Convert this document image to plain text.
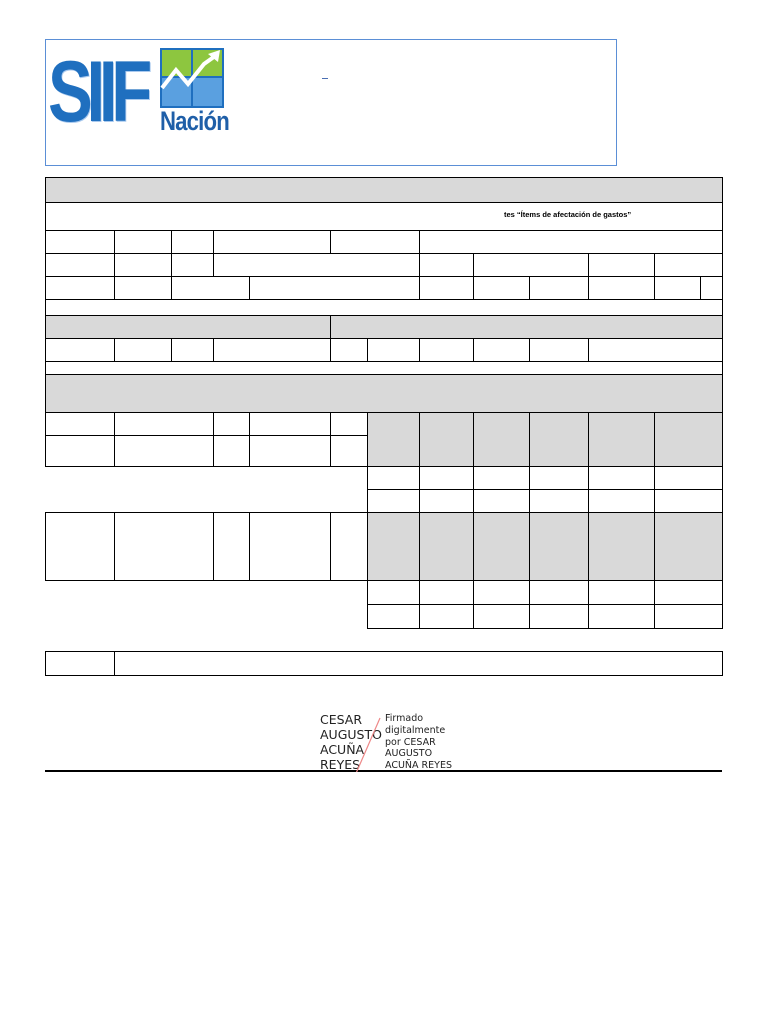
SIIF Nación
tes “Ítems de afectación de gastos”
CESAR
AUGUSTO
ACUÑA
REYES
Firmado
digitalmente
por CESAR
AUGUSTO
ACUÑA REYES
